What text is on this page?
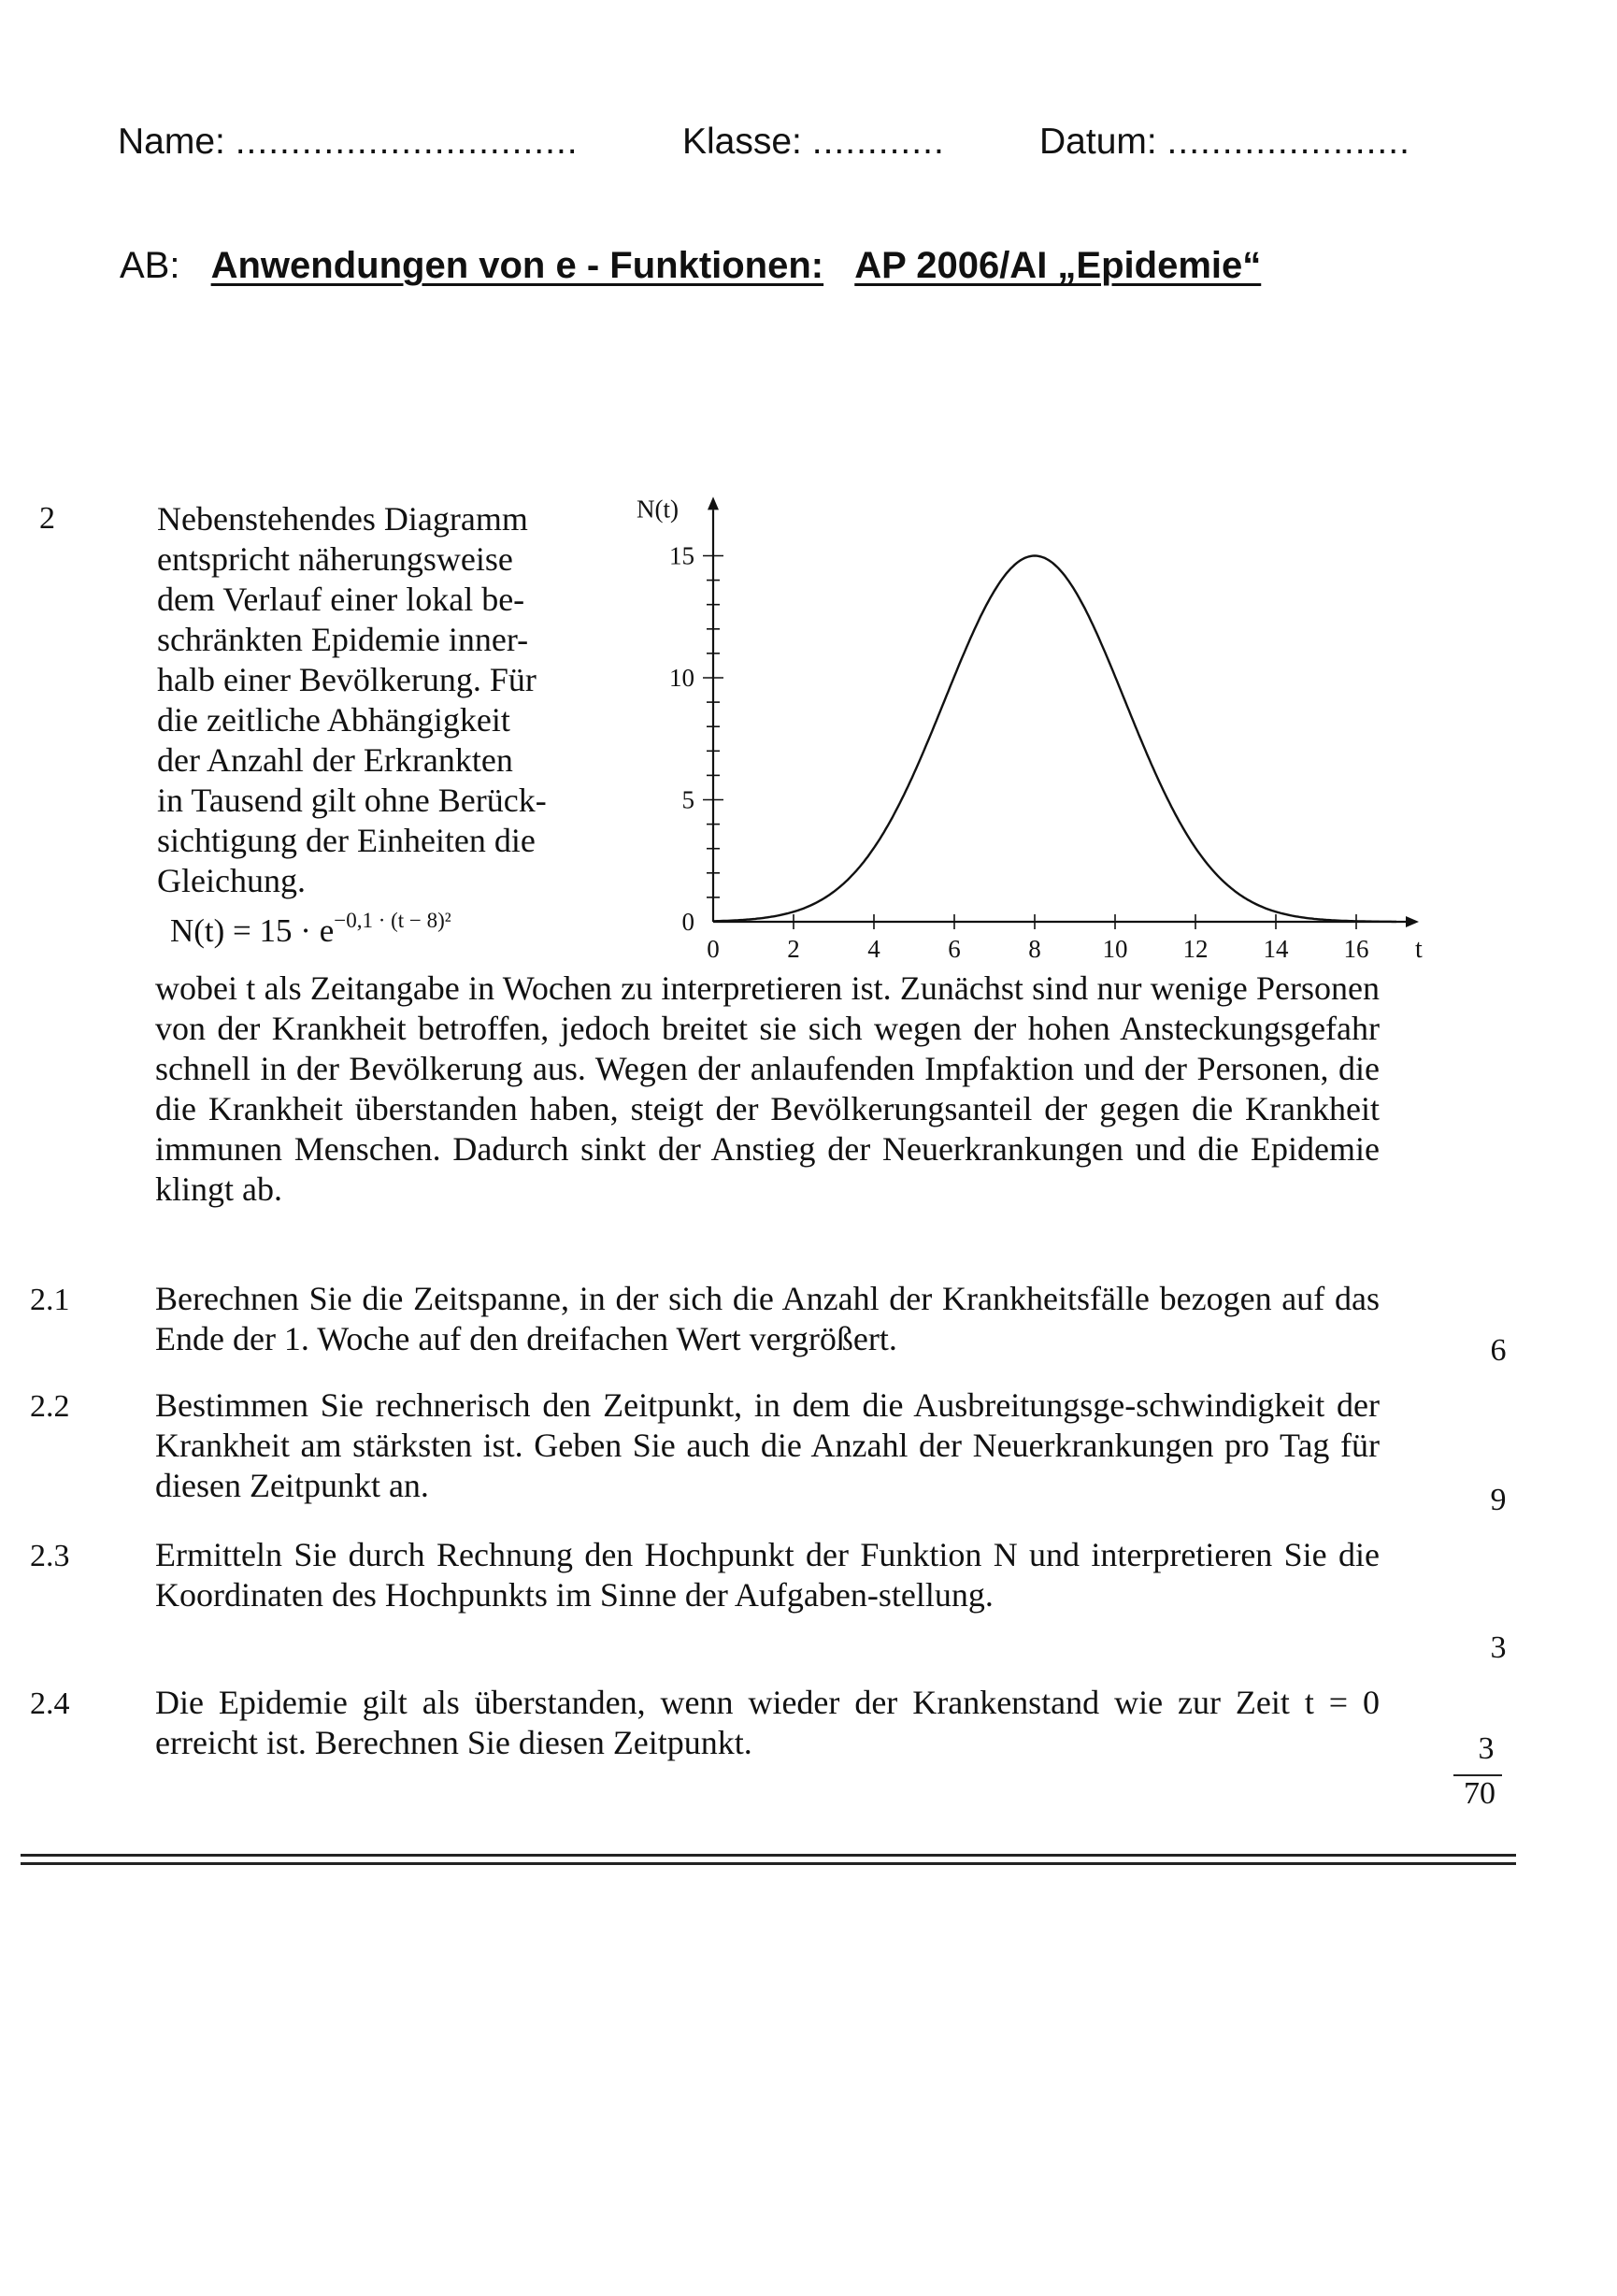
Name: ...............................	Klasse: ............	Datum: ......................
AB: Anwendungen von e - Funktionen: AP 2006/AI „Epidemie“
2	Nebenstehendes Diagramm
entspricht näherungsweise
dem Verlauf einer lokal be-
schränkten Epidemie inner-
halb einer Bevölkerung. Für
die zeitliche Abhängigkeit
der Anzahl der Erkrankten
in Tausend gilt ohne Berück-
sichtigung der Einheiten die
Gleichung.
$N(t) = 15 \cdot e^{-0,1 \cdot (t - 8)^2}$	0
5
10
15
0	2	4	6	8 10 12 14 16
N(t)
t
wobei t als Zeitangabe in Wochen zu interpretieren ist. Zunächst sind nur wenige Personen von der Krankheit betroffen, jedoch breitet sie sich wegen der hohen Ansteckungsgefahr schnell in der Bevölkerung aus. Wegen der anlaufenden Impfaktion und der Personen, die die Krankheit überstanden haben, steigt der Bevölkerungsanteil der gegen die Krankheit immunen Menschen. Dadurch sinkt der Anstieg der Neuerkrankungen und die Epidemie klingt ab.
2.1	Berechnen Sie die Zeitspanne, in der sich die Anzahl der Krankheitsfälle bezogen auf das Ende der 1. Woche auf den dreifachen Wert vergrößert.	6
2.2	Bestimmen Sie rechnerisch den Zeitpunkt, in dem die Ausbreitungsge-schwindigkeit der Krankheit am stärksten ist. Geben Sie auch die Anzahl der Neuerkrankungen pro Tag für diesen Zeitpunkt an.	9
2.3	Ermitteln Sie durch Rechnung den Hochpunkt der Funktion N und interpretieren Sie die Koordinaten des Hochpunkts im Sinne der Aufgaben-stellung.
3
2.4	Die Epidemie gilt als überstanden, wenn wieder der Krankenstand wie zur Zeit t = 0 erreicht ist. Berechnen Sie diesen Zeitpunkt.	3
70
